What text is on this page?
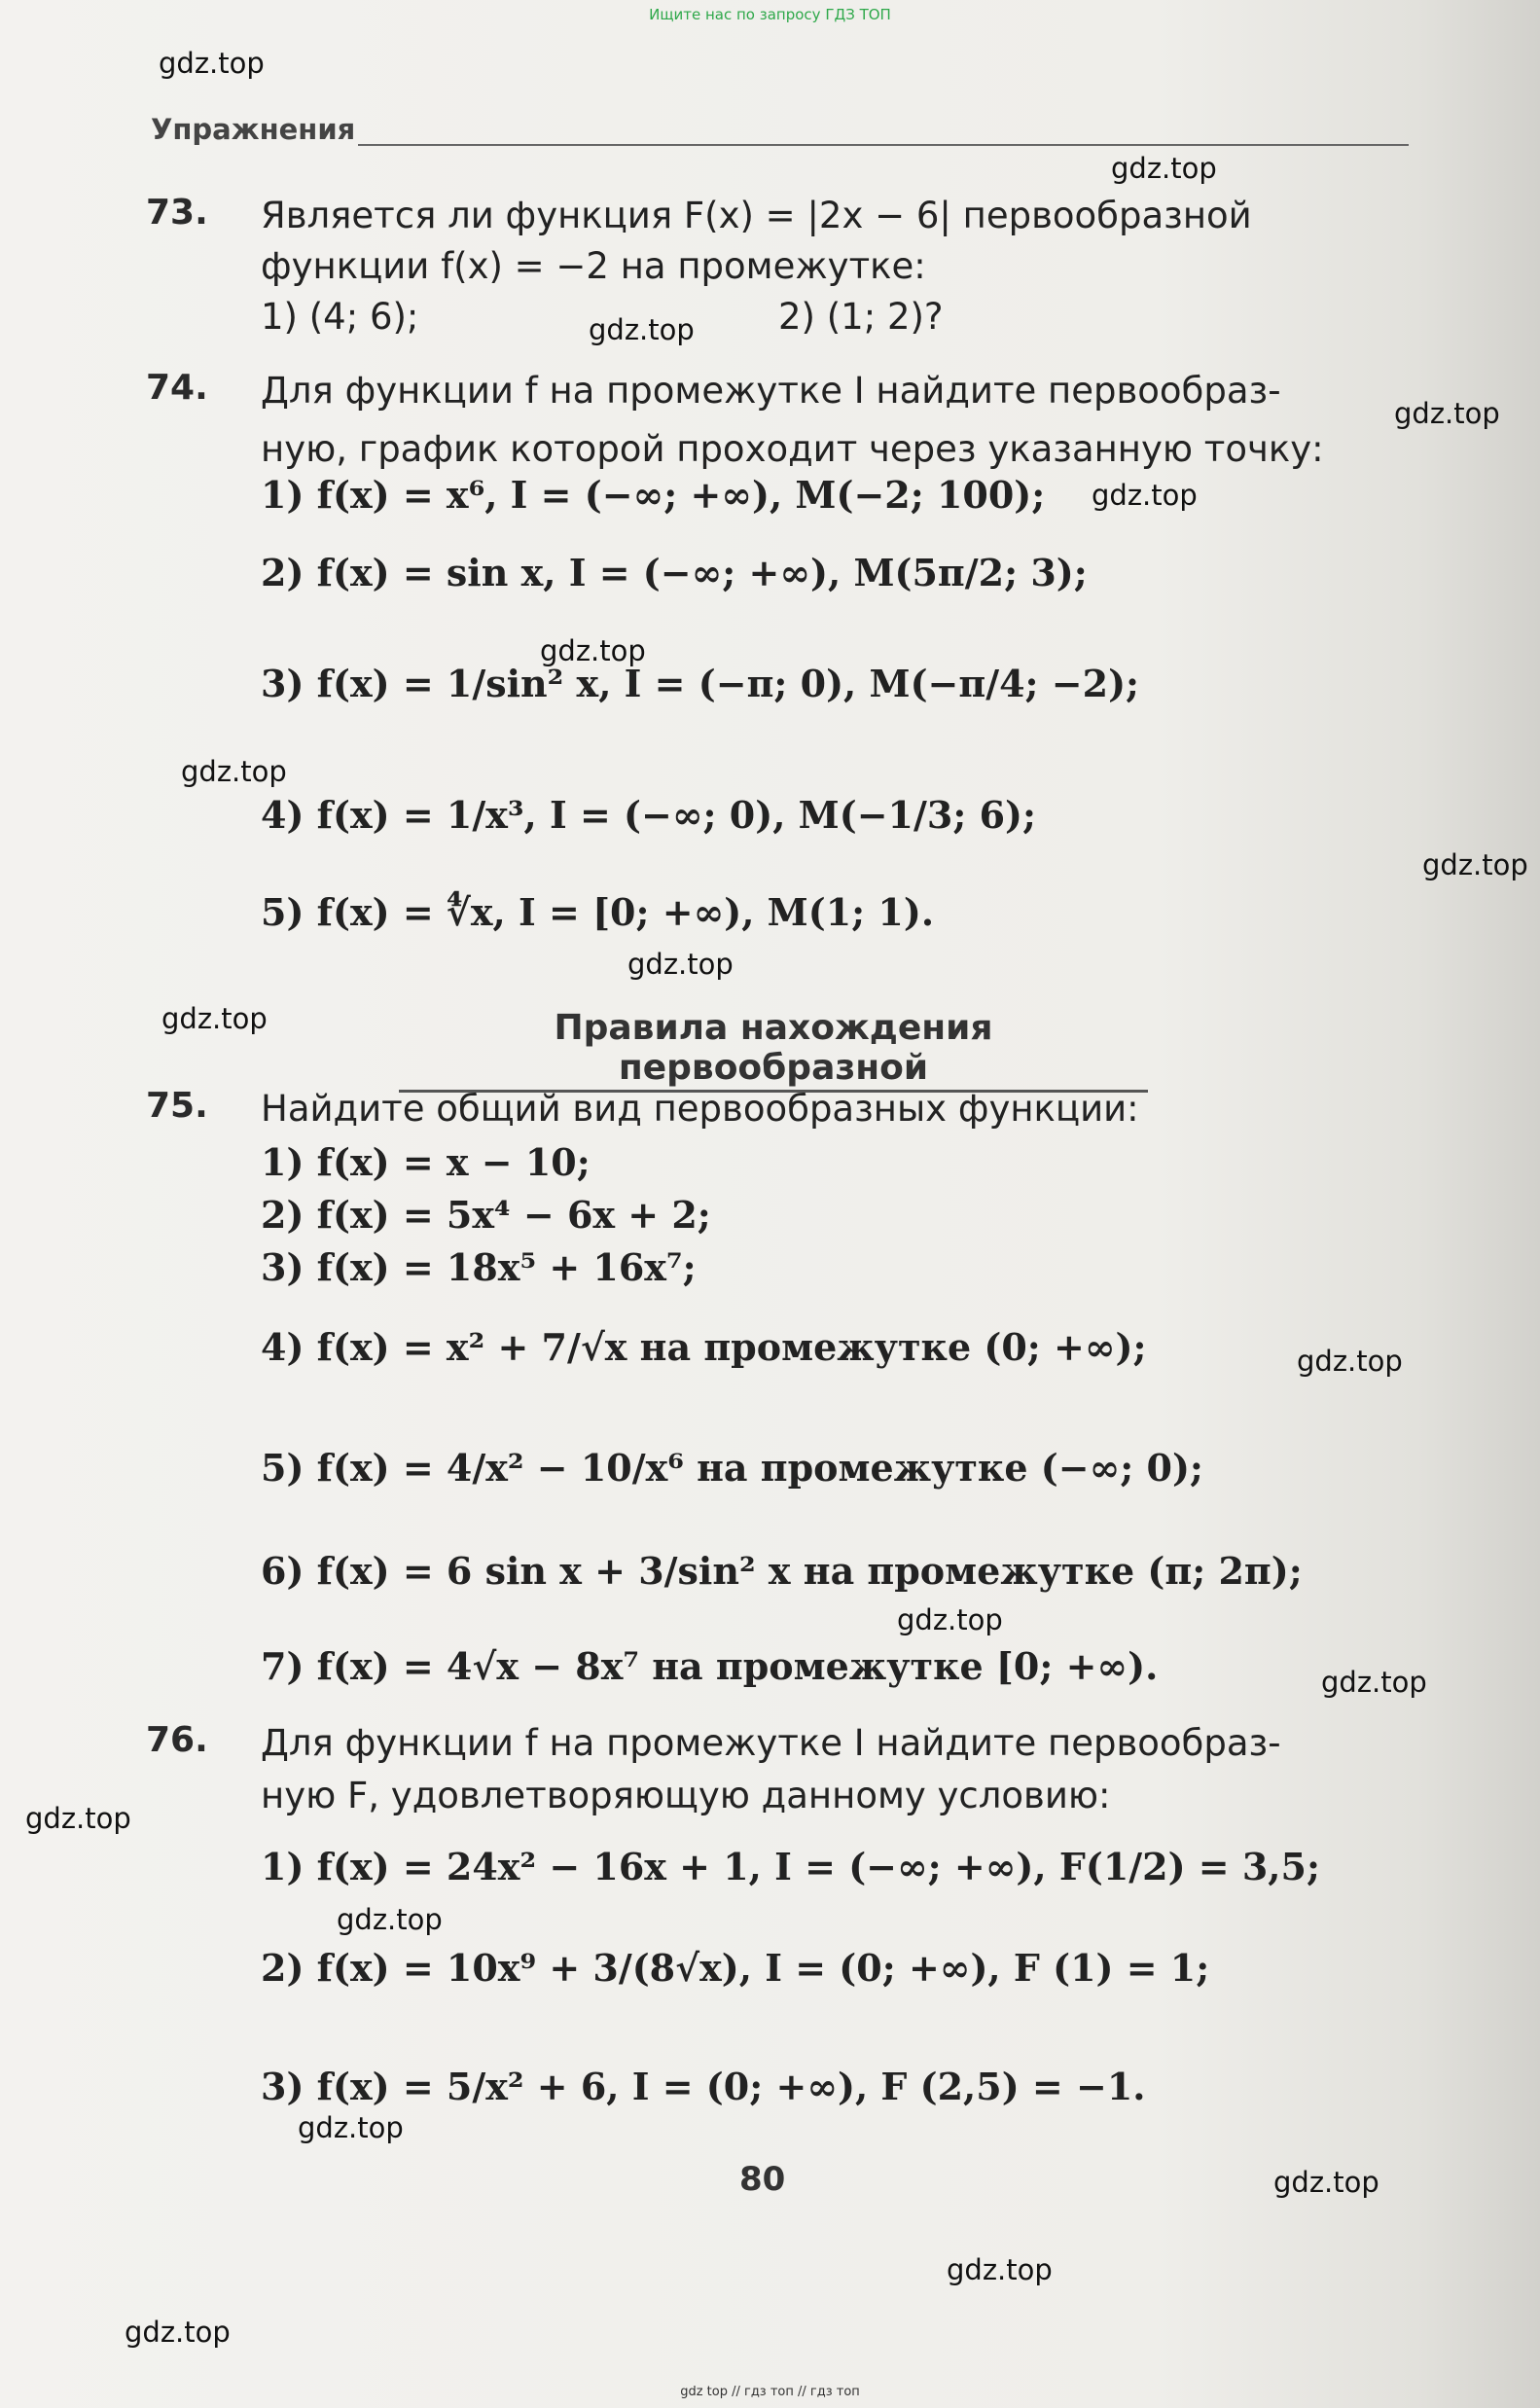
Ищите нас по запросу ГДЗ ТОП
Упражнения
73. Является ли функция F(x) = |2x − 6| первообразной
функции f(x) = −2 на промежутке:
1) (4; 6);	2) (1; 2)?
74. Для функции f на промежутке I найдите первообраз-
ную, график которой проходит через указанную точку:
1) f(x) = x⁶, I = (−∞; +∞), M(−2; 100);
2) f(x) = sin x, I = (−∞; +∞), M(5π/2; 3);
3) f(x) = 1/sin² x, I = (−π; 0), M(−π/4; −2);
4) f(x) = 1/x³, I = (−∞; 0), M(−1/3; 6);
5) f(x) = ∜x, I = [0; +∞), M(1; 1).
Правила нахождения первообразной
75. Найдите общий вид первообразных функции:
1) f(x) = x − 10;
2) f(x) = 5x⁴ − 6x + 2;
3) f(x) = 18x⁵ + 16x⁷;
4) f(x) = x² + 7/√x на промежутке (0; +∞);
5) f(x) = 4/x² − 10/x⁶ на промежутке (−∞; 0);
6) f(x) = 6 sin x + 3/sin² x на промежутке (π; 2π);
7) f(x) = 4√x − 8x⁷ на промежутке [0; +∞).
76. Для функции f на промежутке I найдите первообраз-
ную F, удовлетворяющую данному условию:
1) f(x) = 24x² − 16x + 1, I = (−∞; +∞), F(1/2) = 3,5;
2) f(x) = 10x⁹ + 3/(8√x), I = (0; +∞), F (1) = 1;
3) f(x) = 5/x² + 6, I = (0; +∞), F (2,5) = −1.
80
gdz.top
gdz.top
gdz.top
gdz.top
gdz.top
gdz.top
gdz.top
gdz.top
gdz.top
gdz.top
gdz.top
gdz.top
gdz.top
gdz.top
gdz.top
gdz.top
gdz.top
gdz.top
gdz.top
gdz top // гдз топ // гдз топ
